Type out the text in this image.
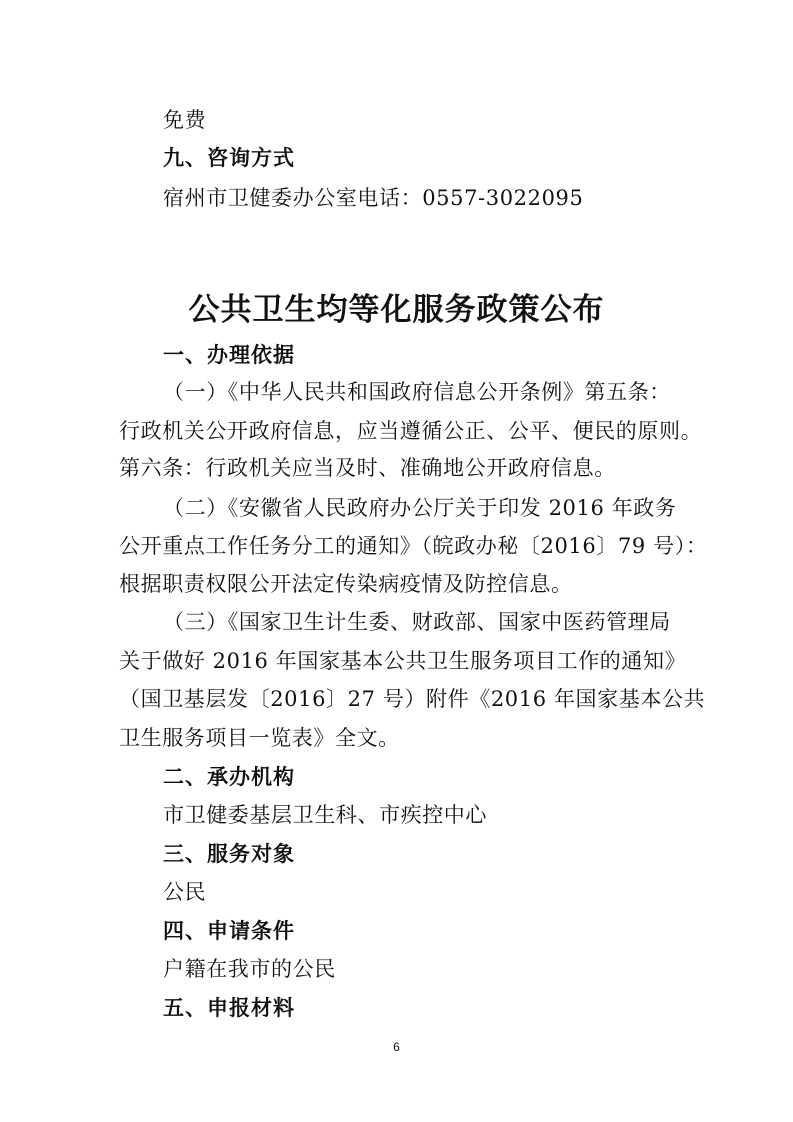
免费
九、咨询方式
宿州市卫健委办公室电话：0557-3022095
公共卫生均等化服务政策公布
一、办理依据
（一）《中华人民共和国政府信息公开条例》第五条：
行政机关公开政府信息，应当遵循公正、公平、便民的原则。
第六条：行政机关应当及时、准确地公开政府信息。
（二）《安徽省人民政府办公厅关于印发 2016 年政务
公开重点工作任务分工的通知》（皖政办秘〔2016〕79 号）：
根据职责权限公开法定传染病疫情及防控信息。
（三）《国家卫生计生委、财政部、国家中医药管理局
关于做好 2016 年国家基本公共卫生服务项目工作的通知》
（国卫基层发〔2016〕27 号）附件《2016 年国家基本公共
卫生服务项目一览表》全文。
二、承办机构
市卫健委基层卫生科、市疾控中心
三、服务对象
公民
四、申请条件
户籍在我市的公民
五、申报材料
6
